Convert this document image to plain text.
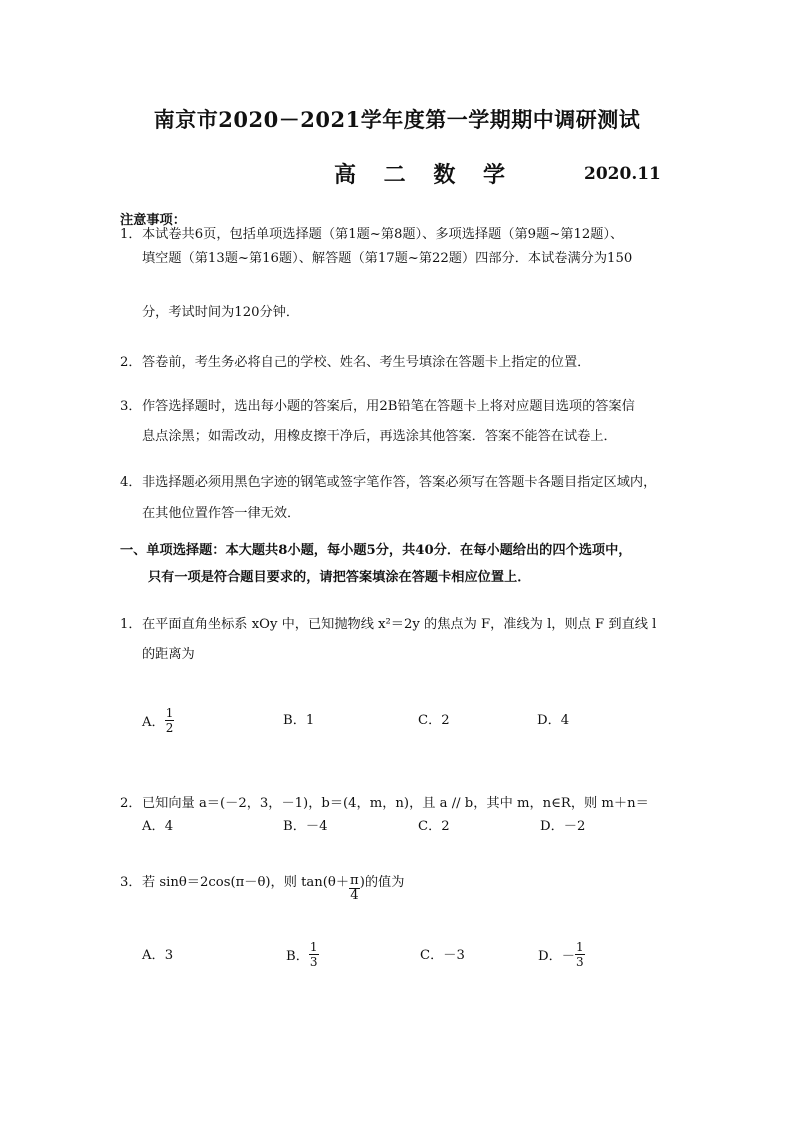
南京市2020－2021学年度第一学期期中调研测试
高 二 数 学	2020.11
注意事项：
1． 本试卷共6页，包括单项选择题（第1题~第8题）、多项选择题（第9题~第12题）、
填空题（第13题~第16题）、解答题（第17题~第22题）四部分．本试卷满分为150
分，考试时间为120分钟．
2． 答卷前，考生务必将自己的学校、姓名、考生号填涂在答题卡上指定的位置．
3． 作答选择题时，选出每小题的答案后，用2B铅笔在答题卡上将对应题目选项的答案信
息点涂黑；如需改动，用橡皮擦干净后，再选涂其他答案．答案不能答在试卷上．
4． 非选择题必须用黑色字迹的钢笔或签字笔作答，答案必须写在答题卡各题目指定区域内，
在其他位置作答一律无效．
一、单项选择题：本大题共8小题，每小题5分，共40分．在每小题给出的四个选项中，
只有一项是符合题目要求的，请把答案填涂在答题卡相应位置上．
1． 在平面直角坐标系 xOy 中，已知抛物线 x²＝2y 的焦点为 F，准线为 l，则点 F 到直线 l
的距离为
A． $\frac{1}{2}$	B．1	C．2	D．4
2． 已知向量 a＝(－2，3，－1)，b＝(4，m，n)，且 a // b，其中 m，n∈R，则 m＋n＝
A．4	B．－4	C．2	D．－2
3． 若 sinθ＝2cos(π－θ)，则 $\tan(\theta+ \frac{\pi}{4}$ )的值为
A．3	B． $\frac{1}{3}$	C．－3	D．－ $\frac{1}{3}$
